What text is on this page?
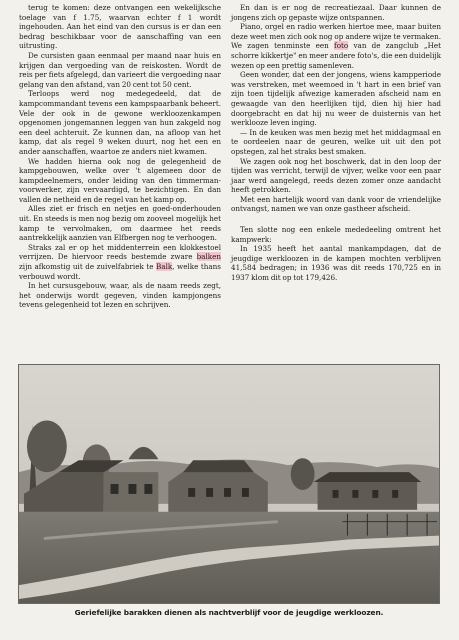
terug te komen: deze ontvangen een wekelijksche toelage van f 1.75, waarvan echter f 1 wordt ingehouden. Aan het eind van den cursus is er dan een bedrag beschikbaar voor de aanschaffing van een uitrusting.

De cursisten gaan eenmaal per maand naar huis en krijgen dan vergoeding van de reiskosten. Wordt de reis per fiets afgelegd, dan varieert die vergoeding naar gelang van den afstand, van 20 cent tot 50 cent.

Terloops werd nog medegedeeld, dat de kampcommandant tevens een kampspaarbank beheert. Vele der ook in de gewone werkloozenkampen opgenomen jongemannen leggen van hun zakgeld nog een deel achteruit. Ze kunnen dan, na afloop van het kamp, dat als regel 9 weken duurt, nog het een en ander aanschaffen, waartoe ze anders niet kwamen.

We hadden hierna ook nog de gelegenheid de kampgebouwen, welke over 't algemeen door de kampdeelnemers, onder leiding van den timmerman-voorwerker, zijn vervaardigd, te bezichtigen. En dan vallen de netheid en de regel van het kamp op.

Alles ziet er frisch en netjes en goed-onderhouden uit. En steeds is men nog bezig om zooveel mogelijk het kamp te vervolmaken, om daarmee het reeds aantrekkelijk aanzien van Elfbergen nog te verhoogen.

Straks zal er op het middenterrein een klokkestoel verrijzen. De hiervoor reeds bestemde zware balken zijn afkomstig uit de zuivelfabriek te Balk, welke thans verbouwd wordt.

In het cursusgebouw, waar, als de naam reeds zegt, het onderwijs wordt gegeven, vinden kampjongens tevens gelegenheid tot lezen en schrijven.

En dan is er nog de recreatiezaal. Daar kunnen de jongens zich op gepaste wijze ontspannen.

Piano, orgel en radio werken hiertoe mee, maar buiten deze weet men zich ook nog op andere wijze te vermaken. We zagen tenminste een foto van de zangclub „Het schorre kikkertje" en meer andere foto's, die een duidelijk wezen op een prettig samenleven.

Geen wonder, dat een der jongens, wiens kampperiode was verstreken, met weemoed in 't hart in een brief van zijn toen tijdelijk afwezige kameraden afscheid nam en gewaagde van den heerlijken tijd, dien hij hier had doorgebracht en dat hij nu weer de duisternis van het werklooze leven inging.

— In de keuken was men bezig met het middagmaal en te oordeelen naar de geuren, welke uit uit den pot opstegen, zal het straks best smaken.

We zagen ook nog het boschwerk, dat in den loop der tijden was verricht, terwijl de vijver, welke voor een paar jaar werd aangelegd, reeds dezen zomer onze aandacht heeft getrokken.

Met een hartelijk woord van dank voor de vriendelijke ontvangst, namen we van onze gastheer afscheid.

Ten slotte nog een enkele mededeeling omtrent het kampwerk:

In 1935 heeft het aantal mankampdagen, dat de jeugdige werkloozen in de kampen mochten verblijven 41,584 bedragen; in 1936 was dit reeds 170,725 en in 1937 klom dit op tot 179,426.

Geriefelijke barakken dienen als nachtverblijf voor de jeugdige werkloozen.
